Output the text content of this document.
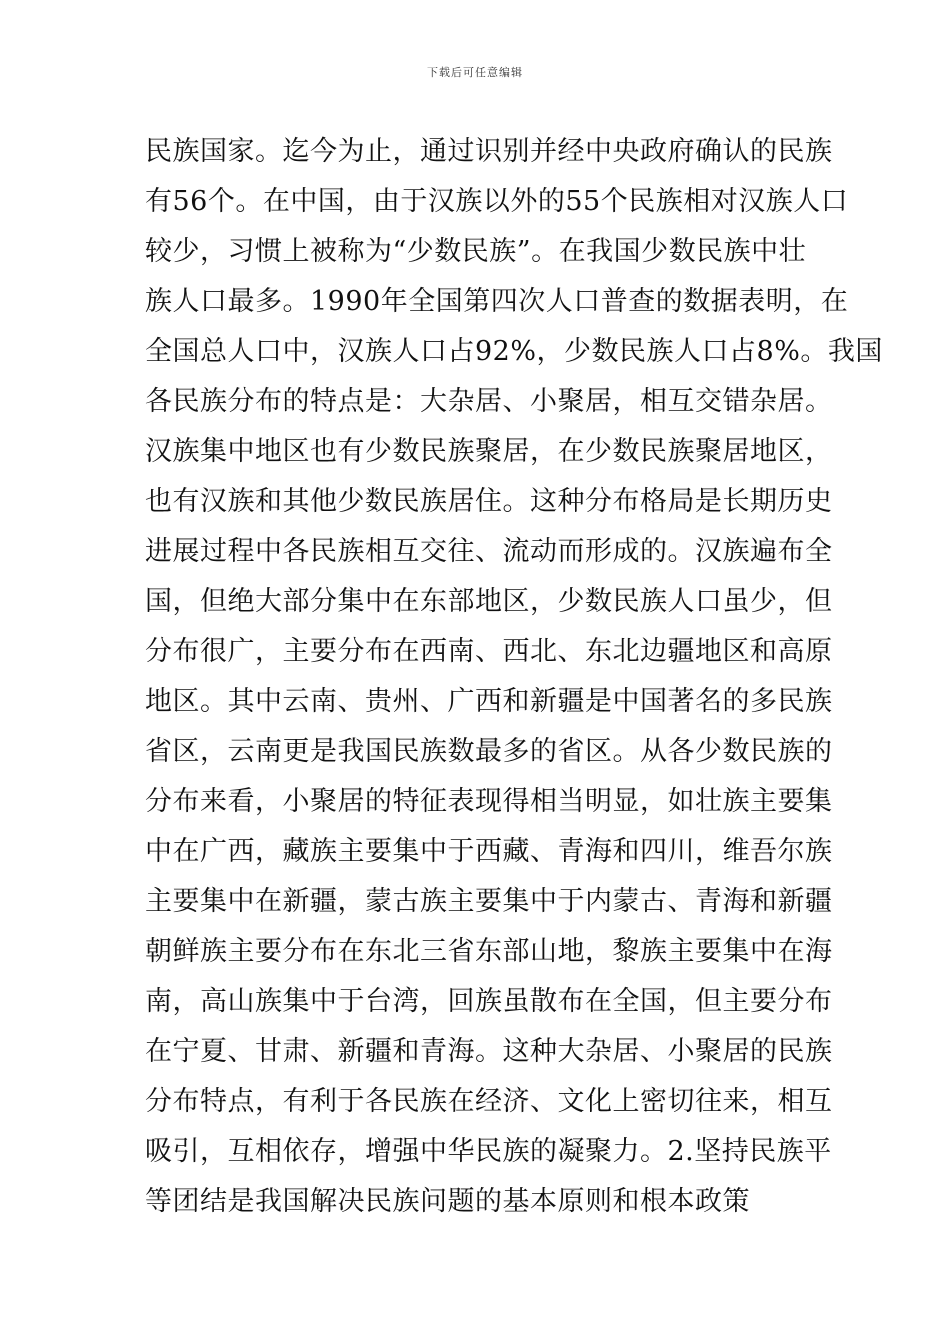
下载后可任意编辑
民族国家。迄今为止，通过识别并经中央政府确认的民族
有56个。在中国，由于汉族以外的55个民族相对汉族人口
较少，习惯上被称为“少数民族”。在我国少数民族中壮
族人口最多。1990年全国第四次人口普查的数据表明，在
全国总人口中，汉族人口占92%，少数民族人口占8%。我国
各民族分布的特点是：大杂居、小聚居，相互交错杂居。
汉族集中地区也有少数民族聚居，在少数民族聚居地区，
也有汉族和其他少数民族居住。这种分布格局是长期历史
进展过程中各民族相互交往、流动而形成的。汉族遍布全
国，但绝大部分集中在东部地区，少数民族人口虽少，但
分布很广，主要分布在西南、西北、东北边疆地区和高原
地区。其中云南、贵州、广西和新疆是中国著名的多民族
省区，云南更是我国民族数最多的省区。从各少数民族的
分布来看，小聚居的特征表现得相当明显，如壮族主要集
中在广西，藏族主要集中于西藏、青海和四川，维吾尔族
主要集中在新疆，蒙古族主要集中于内蒙古、青海和新疆
朝鲜族主要分布在东北三省东部山地，黎族主要集中在海
南，高山族集中于台湾，回族虽散布在全国，但主要分布
在宁夏、甘肃、新疆和青海。这种大杂居、小聚居的民族
分布特点，有利于各民族在经济、文化上密切往来，相互
吸引，互相依存，增强中华民族的凝聚力。2.坚持民族平
等团结是我国解决民族问题的基本原则和根本政策
